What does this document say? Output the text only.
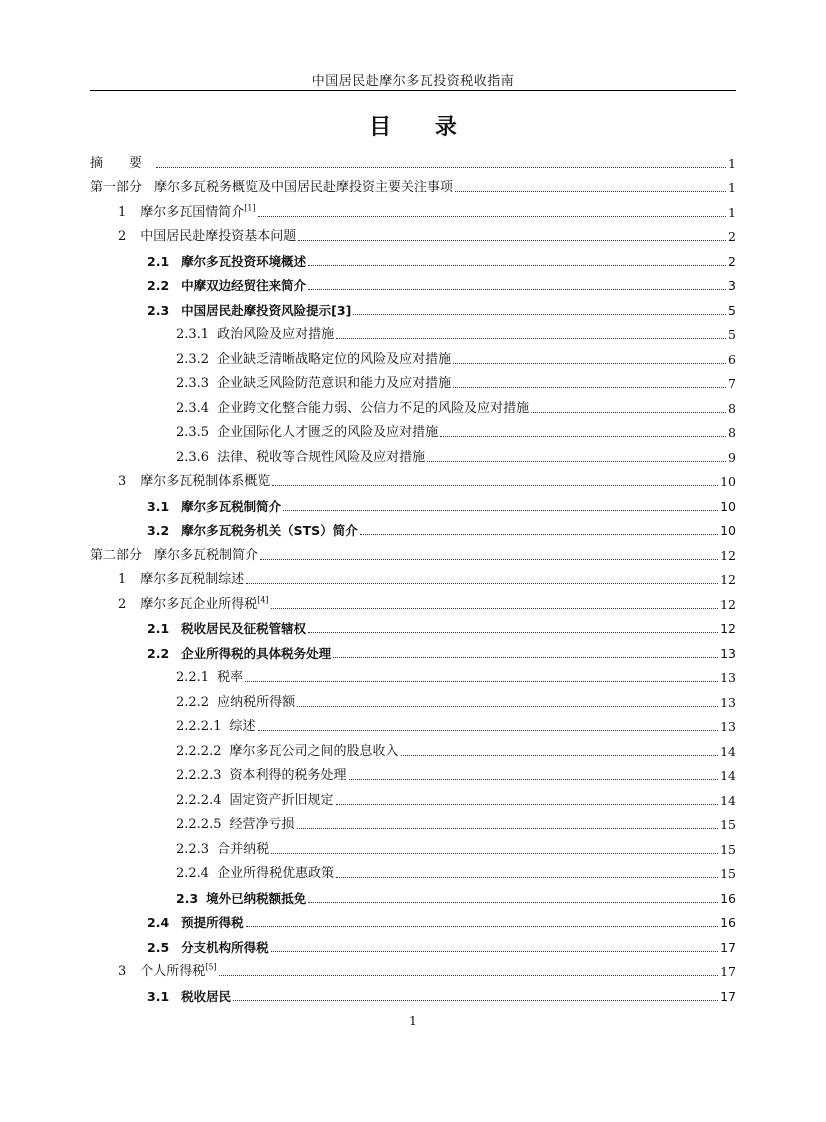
中国居民赴摩尔多瓦投资税收指南
目 录
摘　　要	1
第一部分 摩尔多瓦税务概览及中国居民赴摩投资主要关注事项	1
1 摩尔多瓦国情简介[1]	1
2 中国居民赴摩投资基本问题	2
2.1 摩尔多瓦投资环境概述	2
2.2 中摩双边经贸往来简介	3
2.3 中国居民赴摩投资风险提示[3]	5
2.3.1 政治风险及应对措施	5
2.3.2 企业缺乏清晰战略定位的风险及应对措施	6
2.3.3 企业缺乏风险防范意识和能力及应对措施	7
2.3.4 企业跨文化整合能力弱、公信力不足的风险及应对措施	8
2.3.5 企业国际化人才匮乏的风险及应对措施	8
2.3.6 法律、税收等合规性风险及应对措施	9
3 摩尔多瓦税制体系概览	10
3.1 摩尔多瓦税制简介	10
3.2 摩尔多瓦税务机关（STS）简介	10
第二部分 摩尔多瓦税制简介	12
1 摩尔多瓦税制综述	12
2 摩尔多瓦企业所得税[4]	12
2.1 税收居民及征税管辖权	12
2.2 企业所得税的具体税务处理	13
2.2.1 税率	13
2.2.2 应纳税所得额	13
2.2.2.1 综述	13
2.2.2.2 摩尔多瓦公司之间的股息收入	14
2.2.2.3 资本利得的税务处理	14
2.2.2.4 固定资产折旧规定	14
2.2.2.5 经营净亏损	15
2.2.3 合并纳税	15
2.2.4 企业所得税优惠政策	15
2.3 境外已纳税额抵免	16
2.4 预提所得税	16
2.5 分支机构所得税	17
3 个人所得税[5]	17
3.1 税收居民	17
1
